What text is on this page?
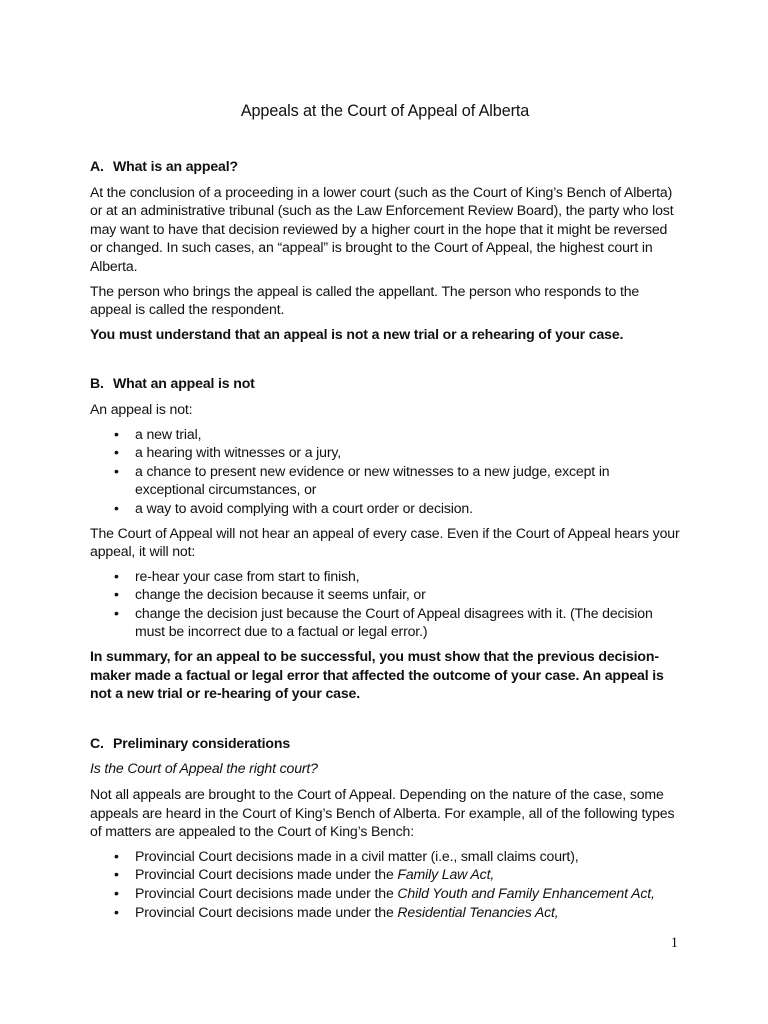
Appeals at the Court of Appeal of Alberta
A. What is an appeal?

At the conclusion of a proceeding in a lower court (such as the Court of King’s Bench of Alberta) or at an administrative tribunal (such as the Law Enforcement Review Board), the party who lost may want to have that decision reviewed by a higher court in the hope that it might be reversed or changed. In such cases, an “appeal” is brought to the Court of Appeal, the highest court in Alberta.

The person who brings the appeal is called the appellant. The person who responds to the appeal is called the respondent.

You must understand that an appeal is not a new trial or a rehearing of your case.

B. What an appeal is not

An appeal is not:

• a new trial,
• a hearing with witnesses or a jury,
• a chance to present new evidence or new witnesses to a new judge, except in exceptional circumstances, or
• a way to avoid complying with a court order or decision.

The Court of Appeal will not hear an appeal of every case. Even if the Court of Appeal hears your appeal, it will not:

• re-hear your case from start to finish,
• change the decision because it seems unfair, or
• change the decision just because the Court of Appeal disagrees with it. (The decision must be incorrect due to a factual or legal error.)

In summary, for an appeal to be successful, you must show that the previous decision-maker made a factual or legal error that affected the outcome of your case. An appeal is not a new trial or re-hearing of your case.

C. Preliminary considerations
Is the Court of Appeal the right court?

Not all appeals are brought to the Court of Appeal. Depending on the nature of the case, some appeals are heard in the Court of King’s Bench of Alberta. For example, all of the following types of matters are appealed to the Court of King’s Bench:

• Provincial Court decisions made in a civil matter (i.e., small claims court),
• Provincial Court decisions made under the Family Law Act,
• Provincial Court decisions made under the Child Youth and Family Enhancement Act,
• Provincial Court decisions made under the Residential Tenancies Act,
1
